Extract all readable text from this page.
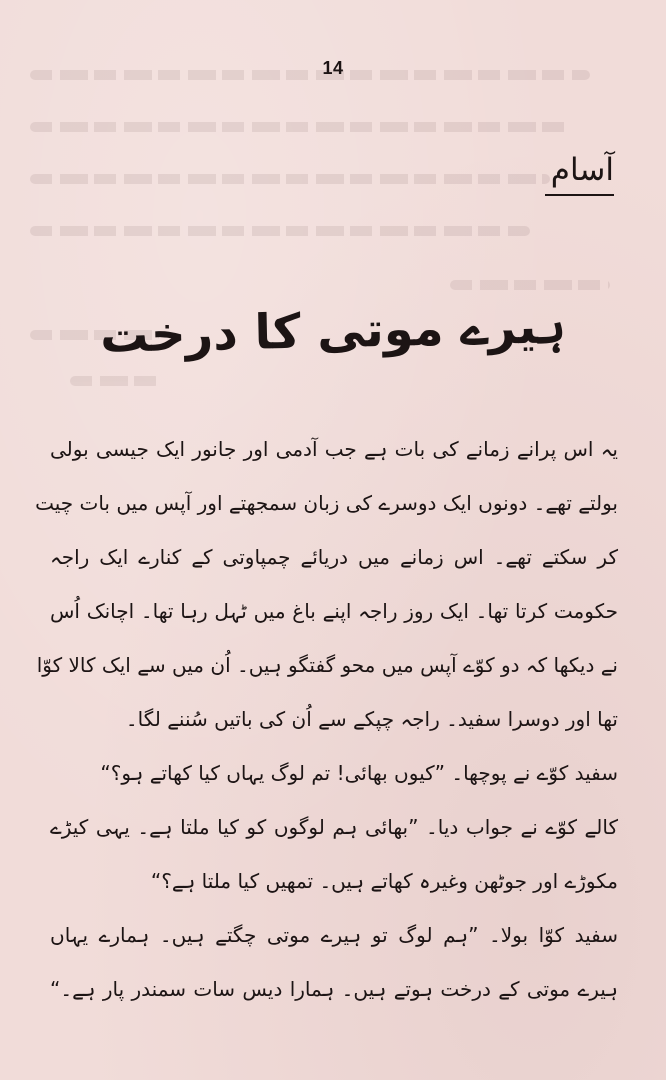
14
آسام
ہیرے موتی کا درخت
یہ اس پرانے زمانے کی بات ہے جب آدمی اور جانور ایک جیسی بولی
بولتے تھے۔ دونوں ایک دوسرے کی زبان سمجھتے اور آپس میں بات چیت
کر سکتے تھے۔ اس زمانے میں دریائے چمپاوتی کے کنارے ایک راجہ
حکومت کرتا تھا۔ ایک روز راجہ اپنے باغ میں ٹہل رہا تھا۔ اچانک اُس
نے دیکھا کہ دو کوّے آپس میں محو گفتگو ہیں۔ اُن میں سے ایک کالا کوّا
تھا اور دوسرا سفید۔ راجہ چپکے سے اُن کی باتیں سُننے لگا۔
سفید کوّے نے پوچھا۔ ”کیوں بھائی! تم لوگ یہاں کیا کھاتے ہو؟“
کالے کوّے نے جواب دیا۔ ”بھائی ہم لوگوں کو کیا ملتا ہے۔ یہی کیڑے
مکوڑے اور جوٹھن وغیرہ کھاتے ہیں۔ تمھیں کیا ملتا ہے؟“
سفید کوّا بولا۔ ”ہم لوگ تو ہیرے موتی چگتے ہیں۔ ہمارے یہاں
ہیرے موتی کے درخت ہوتے ہیں۔ ہمارا دیس سات سمندر پار ہے۔“
